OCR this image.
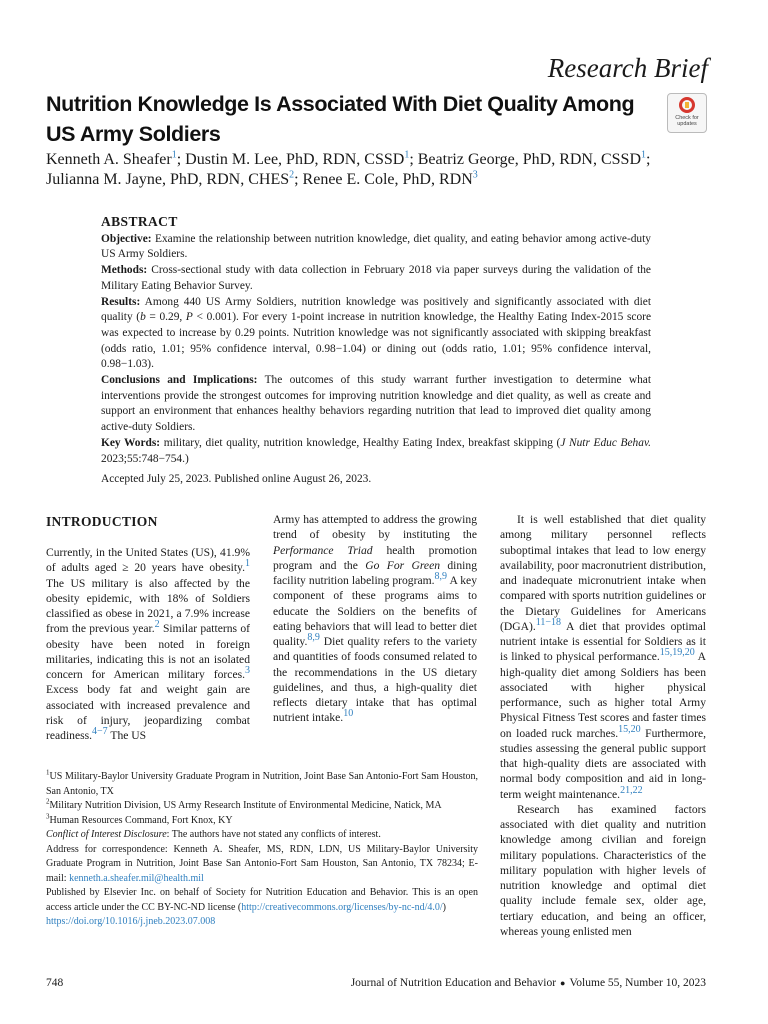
Research Brief
Nutrition Knowledge Is Associated With Diet Quality Among US Army Soldiers
Check for
updates
Kenneth A. Sheafer$^1$; Dustin M. Lee, PhD, RDN, CSSD$^1$; Beatriz George, PhD, RDN, CSSD$^1$;
Julianna M. Jayne, PhD, RDN, CHES$^2$; Renee E. Cole, PhD, RDN$^3$
ABSTRACT

Objective: Examine the relationship between nutrition knowledge, diet quality, and eating behavior among active-duty US Army Soldiers.

Methods: Cross-sectional study with data collection in February 2018 via paper surveys during the validation of the Military Eating Behavior Survey.

Results: Among 440 US Army Soldiers, nutrition knowledge was positively and significantly associated with diet quality (b = 0.29, P < 0.001). For every 1-point increase in nutrition knowledge, the Healthy Eating Index-2015 score was expected to increase by 0.29 points. Nutrition knowledge was not significantly associated with skipping breakfast (odds ratio, 1.01; 95% confidence interval, 0.98−1.04) or dining out (odds ratio, 1.01; 95% confidence interval, 0.98−1.03).

Conclusions and Implications: The outcomes of this study warrant further investigation to determine what interventions provide the strongest outcomes for improving nutrition knowledge and diet quality, as well as create and support an environment that enhances healthy behaviors regarding nutrition that lead to improved diet quality among active-duty Soldiers.

Key Words: military, diet quality, nutrition knowledge, Healthy Eating Index, breakfast skipping (J Nutr Educ Behav. 2023;55:748−754.)

Accepted July 25, 2023. Published online August 26, 2023.

INTRODUCTION

Currently, in the United States (US), 41.9% of adults aged ≥ 20 years have obesity.$^1$ The US military is also affected by the obesity epidemic, with 18% of Soldiers classified as obese in 2021, a 7.9% increase from the previous year.$^2$ Similar patterns of obesity have been noted in foreign militaries, indicating this is not an isolated concern for American military forces.$^3$ Excess body fat and weight gain are associated with increased prevalence and risk of injury, jeopardizing combat readiness.$^{4-7}$ The US

Army has attempted to address the growing trend of obesity by instituting the Performance Triad health promotion program and the Go For Green dining facility nutrition labeling program.$^{8,9}$ A key component of these programs aims to educate the Soldiers on the benefits of eating behaviors that will lead to better diet quality.$^{8,9}$ Diet quality refers to the variety and quantities of foods consumed related to the recommendations in the US dietary guidelines, and thus, a high-quality diet reflects dietary intake that has optimal nutrient intake.$^{10}$

It is well established that diet quality among military personnel reflects suboptimal intakes that lead to low energy availability, poor macronutrient distribution, and inadequate micronutrient intake when compared with sports nutrition guidelines or the Dietary Guidelines for Americans (DGA).$^{11-18}$ A diet that provides optimal nutrient intake is essential for Soldiers as it is linked to physical performance.$^{15,19,20}$ A high-quality diet among Soldiers has been associated with higher physical performance, such as higher total Army Physical Fitness Test scores and faster times on loaded ruck marches.$^{15,20}$ Furthermore, studies assessing the general public support that high-quality diets are associated with normal body composition and aid in long-term weight maintenance.$^{21,22}$

Research has examined factors associated with diet quality and nutrition knowledge among civilian and foreign military populations. Characteristics of the military population with higher levels of nutrition knowledge and optimal diet quality include female sex, older age, tertiary education, and being an officer, whereas young enlisted men

$^1$US Military-Baylor University Graduate Program in Nutrition, Joint Base San Antonio-Fort Sam Houston, San Antonio, TX

$^2$Military Nutrition Division, US Army Research Institute of Environmental Medicine, Natick, MA

$^3$Human Resources Command, Fort Knox, KY

Conflict of Interest Disclosure: The authors have not stated any conflicts of interest.

Address for correspondence: Kenneth A. Sheafer, MS, RDN, LDN, US Military-Baylor University Graduate Program in Nutrition, Joint Base San Antonio-Fort Sam Houston, San Antonio, TX 78234; E-mail: kenneth.a.sheafer.mil@health.mil

Published by Elsevier Inc. on behalf of Society for Nutrition Education and Behavior. This is an open access article under the CC BY-NC-ND license (http://creativecommons.org/licenses/by-nc-nd/4.0/)

https://doi.org/10.1016/j.jneb.2023.07.008

748	Journal of Nutrition Education and Behavior ● Volume 55, Number 10, 2023
